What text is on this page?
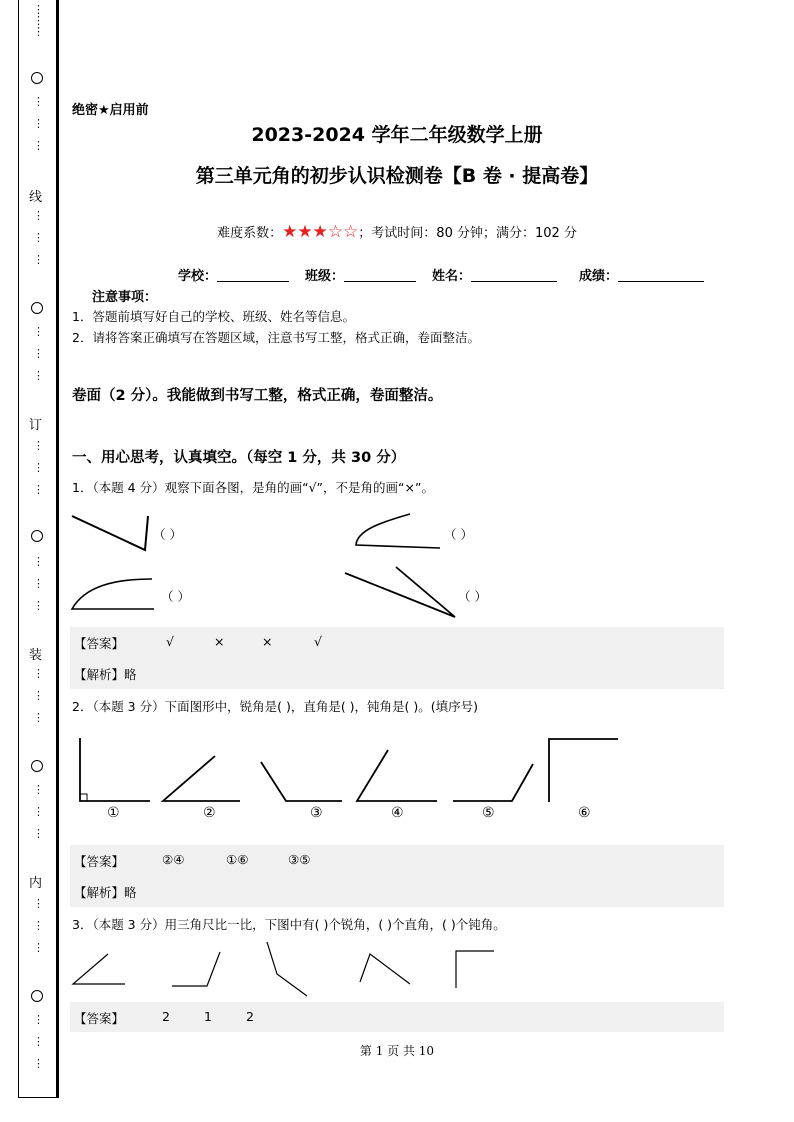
⋮
⋮
⋮
⋮

⋮

⋮
线
⋮

⋮

⋮
⋮

⋮

⋮
订
⋮

⋮

⋮
⋮

⋮

⋮
装
⋮

⋮

⋮
⋮

⋮

⋮
内
⋮

⋮

⋮
⋮

⋮

⋮
绝密★启用前
2023-2024 学年二年级数学上册
第三单元角的初步认识检测卷【B 卷 · 提高卷】
难度系数：★★★☆☆；考试时间：80 分钟；满分：102 分
学校：	班级：	姓名：	成绩：
注意事项：
1．答题前填写好自己的学校、班级、姓名等信息。
2．请将答案正确填写在答题区域，注意书写工整，格式正确，卷面整洁。
卷面（2 分）。我能做到书写工整，格式正确，卷面整洁。
一、用心思考，认真填空。（每空 1 分，共 30 分）
1．（本题 4 分）观察下面各图，是角的画“√”，不是角的画“×”。
（ ）	（ ）
（ ）	（ ）
【答案】	√	×	×	√
【解析】略
2．（本题 3 分）下面图形中，锐角是( )，直角是( )，钝角是( )。(填序号)
①	②	③	④	⑤	⑥
【答案】	②④	①⑥	③⑤
【解析】略
3．（本题 3 分）用三角尺比一比，下图中有( )个锐角，( )个直角，( )个钝角。
【答案】	2	1	2
第 1 页 共 10
